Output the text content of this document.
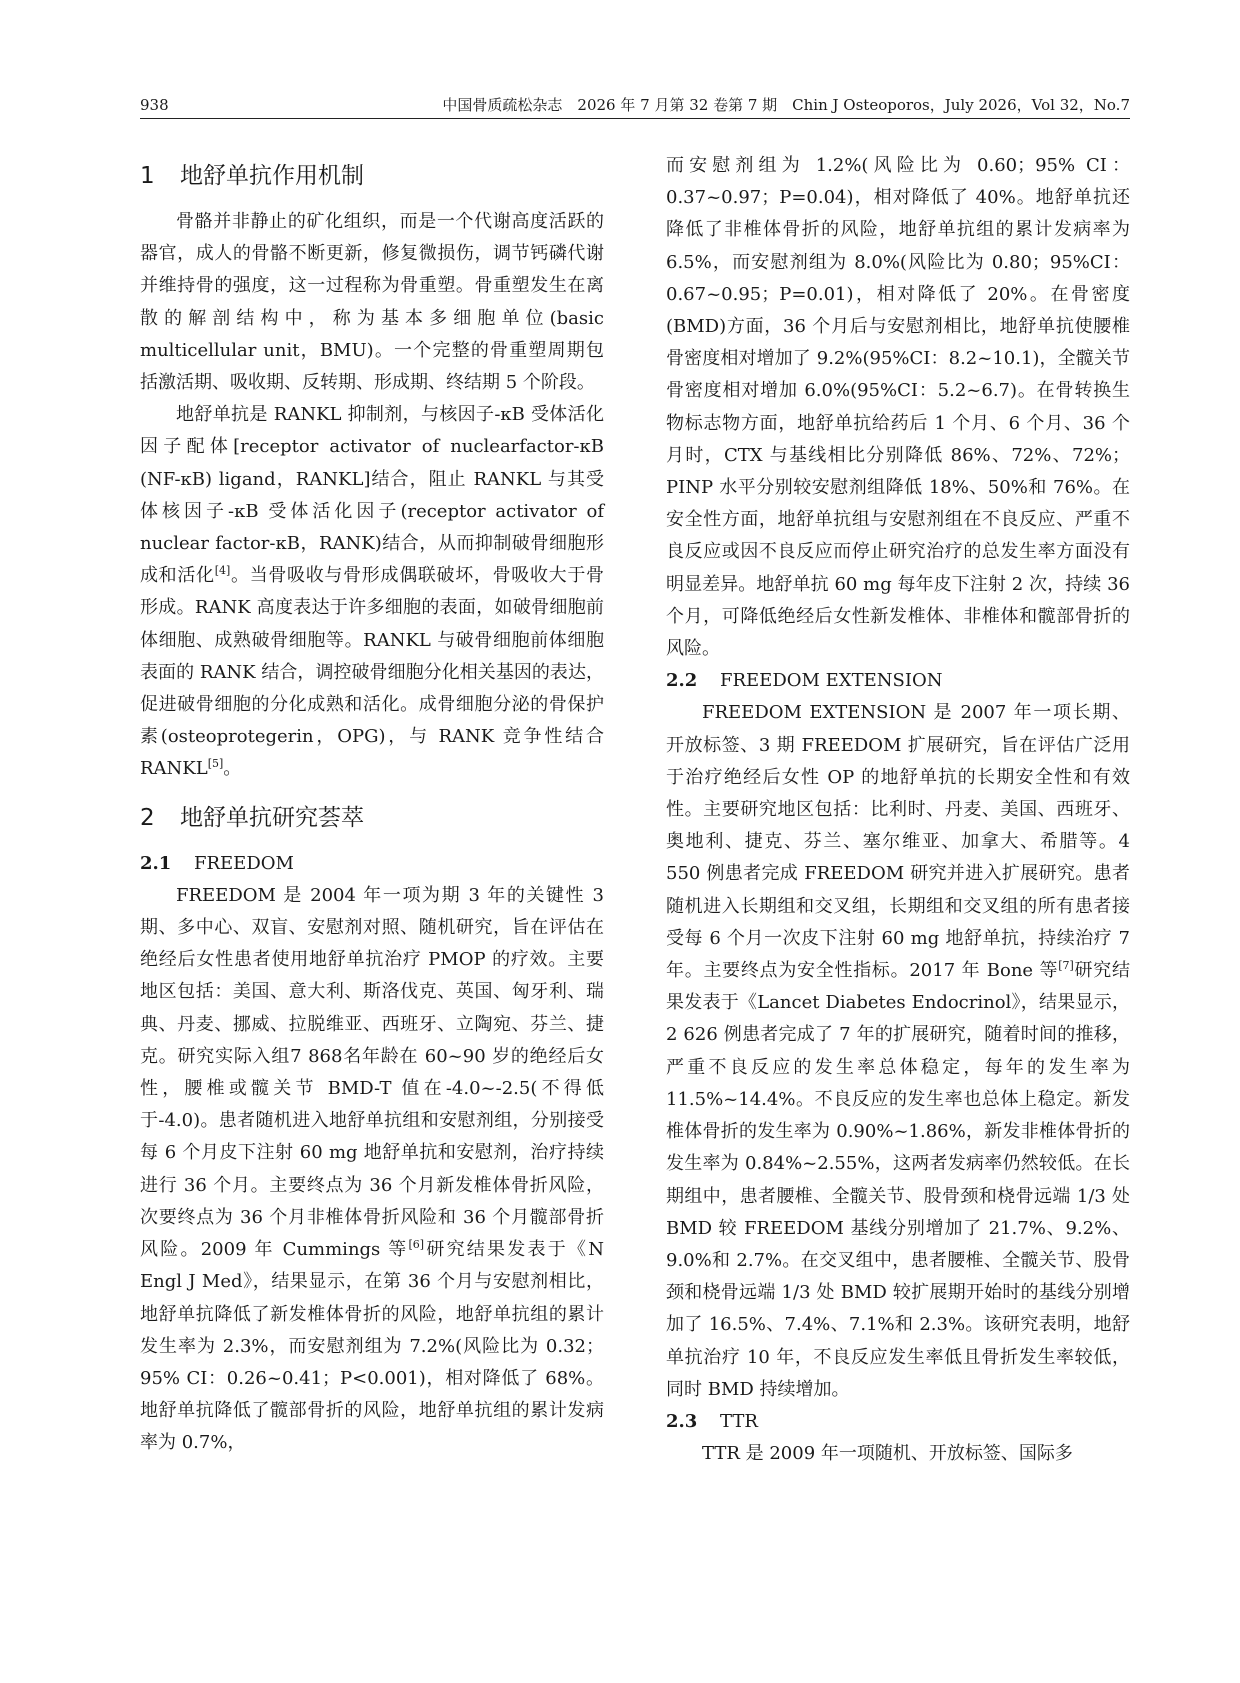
938	中国骨质疏松杂志　2026 年 7 月第 32 卷第 7 期　Chin J Osteoporos，July 2026，Vol 32，No.7
1 地舒单抗作用机制

骨骼并非静止的矿化组织，而是一个代谢高度活跃的器官，成人的骨骼不断更新，修复微损伤，调节钙磷代谢并维持骨的强度，这一过程称为骨重塑。骨重塑发生在离散的解剖结构中，称为基本多细胞单位(basic multicellular unit，BMU)。一个完整的骨重塑周期包括激活期、吸收期、反转期、形成期、终结期 5 个阶段。

地舒单抗是 RANKL 抑制剂，与核因子-κB 受体活化因子配体[receptor activator of nuclearfactor-κB (NF-κB) ligand，RANKL]结合，阻止 RANKL 与其受体核因子-κB 受体活化因子(receptor activator of nuclear factor-κB，RANK)结合，从而抑制破骨细胞形成和活化[4]。当骨吸收与骨形成偶联破坏，骨吸收大于骨形成。RANK 高度表达于许多细胞的表面，如破骨细胞前体细胞、成熟破骨细胞等。RANKL 与破骨细胞前体细胞表面的 RANK 结合，调控破骨细胞分化相关基因的表达，促进破骨细胞的分化成熟和活化。成骨细胞分泌的骨保护素(osteoprotegerin，OPG)，与 RANK 竞争性结合 RANKL[5]。

2 地舒单抗研究荟萃
2.1 FREEDOM

FREEDOM 是 2004 年一项为期 3 年的关键性 3 期、多中心、双盲、安慰剂对照、随机研究，旨在评估在绝经后女性患者使用地舒单抗治疗 PMOP 的疗效。主要地区包括：美国、意大利、斯洛伐克、英国、匈牙利、瑞典、丹麦、挪威、拉脱维亚、西班牙、立陶宛、芬兰、捷克。研究实际入组7 868名年龄在 60~90 岁的绝经后女性，腰椎或髋关节 BMD-T 值在-4.0~-2.5(不得低于-4.0)。患者随机进入地舒单抗组和安慰剂组，分别接受每 6 个月皮下注射 60 mg 地舒单抗和安慰剂，治疗持续进行 36 个月。主要终点为 36 个月新发椎体骨折风险，次要终点为 36 个月非椎体骨折风险和 36 个月髋部骨折风险。2009 年 Cummings 等[6]研究结果发表于《N Engl J Med》，结果显示，在第 36 个月与安慰剂相比，地舒单抗降低了新发椎体骨折的风险，地舒单抗组的累计发生率为 2.3%，而安慰剂组为 7.2%(风险比为 0.32；95% CI：0.26~0.41；P<0.001)，相对降低了 68%。地舒单抗降低了髋部骨折的风险，地舒单抗组的累计发病率为 0.7%，

而安慰剂组为 1.2%(风险比为 0.60；95% CI：0.37~0.97；P=0.04)，相对降低了 40%。地舒单抗还降低了非椎体骨折的风险，地舒单抗组的累计发病率为 6.5%，而安慰剂组为 8.0%(风险比为 0.80；95%CI：0.67~0.95；P=0.01)，相对降低了 20%。在骨密度(BMD)方面，36 个月后与安慰剂相比，地舒单抗使腰椎骨密度相对增加了 9.2%(95%CI：8.2~10.1)，全髋关节骨密度相对增加 6.0%(95%CI：5.2~6.7)。在骨转换生物标志物方面，地舒单抗给药后 1 个月、6 个月、36 个月时，CTX 与基线相比分别降低 86%、72%、72%；PINP 水平分别较安慰剂组降低 18%、50%和 76%。在安全性方面，地舒单抗组与安慰剂组在不良反应、严重不良反应或因不良反应而停止研究治疗的总发生率方面没有明显差异。地舒单抗 60 mg 每年皮下注射 2 次，持续 36 个月，可降低绝经后女性新发椎体、非椎体和髋部骨折的风险。

2.2 FREEDOM EXTENSION

FREEDOM EXTENSION 是 2007 年一项长期、开放标签、3 期 FREEDOM 扩展研究，旨在评估广泛用于治疗绝经后女性 OP 的地舒单抗的长期安全性和有效性。主要研究地区包括：比利时、丹麦、美国、西班牙、奥地利、捷克、芬兰、塞尔维亚、加拿大、希腊等。4 550 例患者完成 FREEDOM 研究并进入扩展研究。患者随机进入长期组和交叉组，长期组和交叉组的所有患者接受每 6 个月一次皮下注射 60 mg 地舒单抗，持续治疗 7 年。主要终点为安全性指标。2017 年 Bone 等[7]研究结果发表于《Lancet Diabetes Endocrinol》，结果显示，2 626 例患者完成了 7 年的扩展研究，随着时间的推移，严重不良反应的发生率总体稳定，每年的发生率为 11.5%~14.4%。不良反应的发生率也总体上稳定。新发椎体骨折的发生率为 0.90%~1.86%，新发非椎体骨折的发生率为 0.84%~2.55%，这两者发病率仍然较低。在长期组中，患者腰椎、全髋关节、股骨颈和桡骨远端 1/3 处 BMD 较 FREEDOM 基线分别增加了 21.7%、9.2%、9.0%和 2.7%。在交叉组中，患者腰椎、全髋关节、股骨颈和桡骨远端 1/3 处 BMD 较扩展期开始时的基线分别增加了 16.5%、7.4%、7.1%和 2.3%。该研究表明，地舒单抗治疗 10 年，不良反应发生率低且骨折发生率较低，同时 BMD 持续增加。

2.3 TTR

TTR 是 2009 年一项随机、开放标签、国际多
